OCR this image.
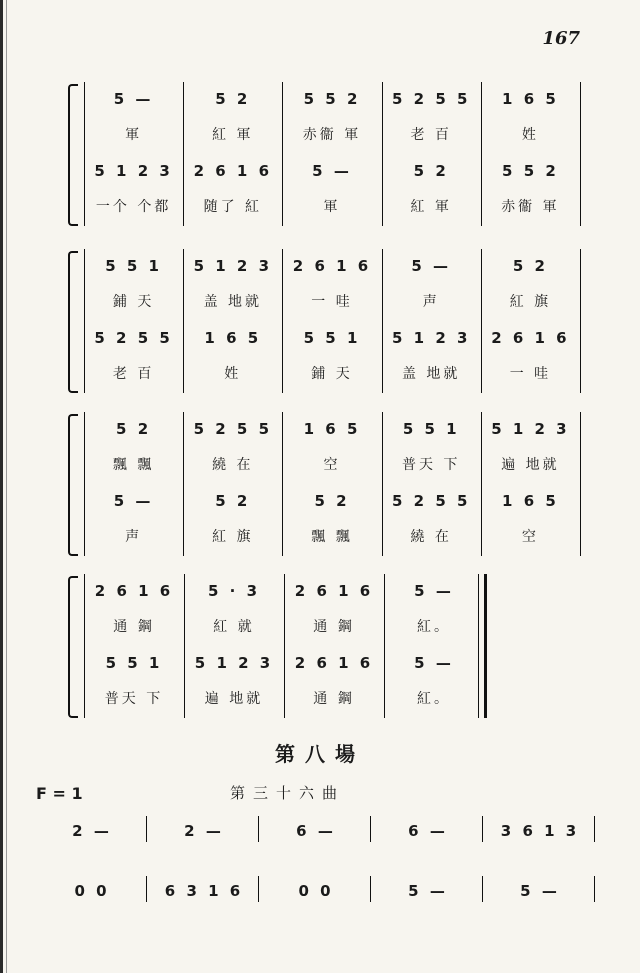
167
5 —	5 2	5 5 2	5 2 5 5	1 6 5
軍	紅 軍	赤衞 軍	老 百	姓
5 1 2 3	2 6 1 6	5 —	5 2	5 5 2
一个 个都	随了 紅	軍	紅 軍	赤衞 軍
5 5 1	5 1 2 3	2 6 1 6	5 —	5 2
鋪 天	盖 地就	一 哇	声	紅 旗
5 2 5 5	1 6 5	5 5 1	5 1 2 3	2 6 1 6
老 百	姓	鋪 天	盖 地就	一 哇
5 2	5 2 5 5	1 6 5	5 5 1	5 1 2 3
飄 飄	繞 在	空	普天 下	遍 地就
5 —	5 2	5 2	5 2 5 5	1 6 5
声	紅 旗	飄 飄	繞 在	空
2 6 1 6	5 · 3	2 6 1 6	5 —
通 鋼	紅 就	通 鋼	紅。
5 5 1	5 1 2 3	2 6 1 6	5 —
普天 下	遍 地就	通 鋼	紅。
第八場
F = 1	第三十六曲
2 —	2 —	6 —	6 —	3 6 1 3
0 0	6 3 1 6	0 0	5 —	5 —
